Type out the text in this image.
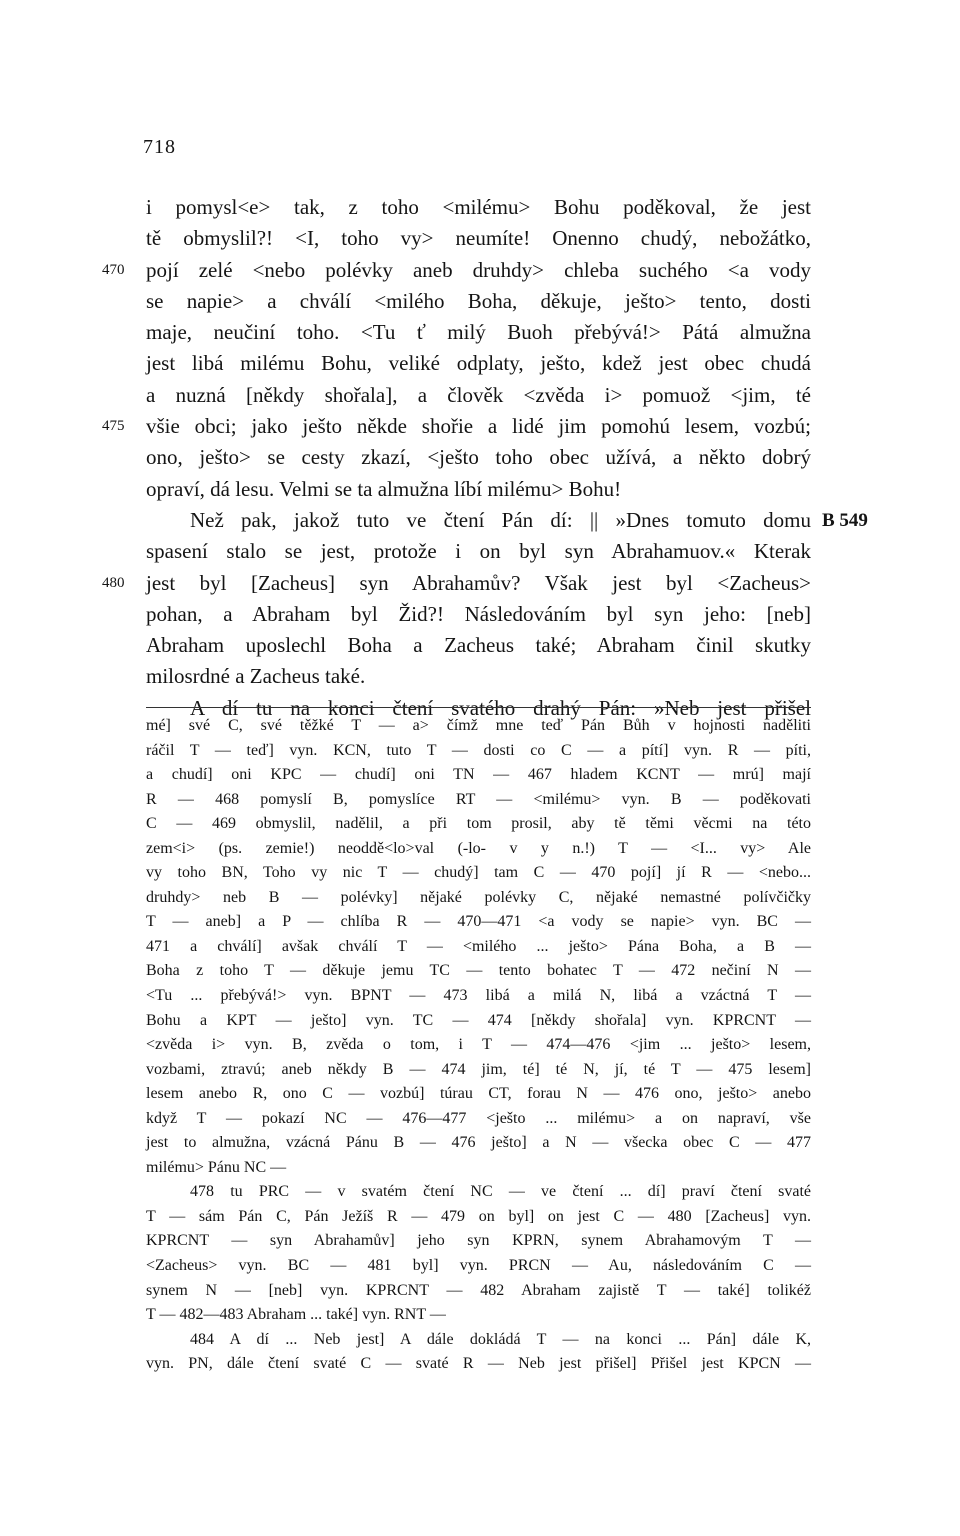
718
i pomysl<e> tak, z toho <milému> Bohu poděkoval, že jest
tě obmyslil?! <I, toho vy> neumíte! Onenno chudý, nebožátko,
pojí zelé <nebo polévky aneb druhdy> chleba suchého <a vody
470
se napie> a chválí <milého Boha, děkuje, ješto> tento, dosti
maje, neučiní toho. <Tu ť milý Buoh přebývá!> Pátá almužna
jest libá milému Bohu, veliké odplaty, ješto, kdež jest obec chudá
a nuzná [někdy shořala], a člověk <zvěda i> pomuož <jim, té
všie obci; jako ješto někde shořie a lidé jim pomohú lesem, vozbú;
475
ono, ješto> se cesty zkazí, <ješto toho obec užívá, a někto dobrý
opraví, dá lesu. Velmi se ta almužna líbí milému> Bohu!
Než pak, jakož tuto ve čtení Pán dí: || »Dnes tomuto domu B 549
spasení stalo se jest, protože i on byl syn Abrahamuov.« Kterak
jest byl [Zacheus] syn Abrahamův? Však jest byl <Zacheus>
480
pohan, a Abraham byl Žid?! Následováním byl syn jeho: [neb]
Abraham uposlechl Boha a Zacheus také; Abraham činil skutky
milosrdné a Zacheus také.
A dí tu na konci čtení svatého drahý Pán: »Neb jest přišel
mé] své C, své těžké T — a> čímž mne teď Pán Bůh v hojnosti naděliti
ráčil T — teď] vyn. KCN, tuto T — dosti co C — a pítí] vyn. R — píti,
a chudí] oni KPC — chudí] oni TN — 467 hladem KCNT — mrú] mají
R — 468 pomyslí B, pomyslíce RT — <milému> vyn. B — poděkovati
C — 469 obmyslil, nadělil, a při tom prosil, aby tě těmi věcmi na této
zem<i> (ps. zemie!) neoddě<lo>val (-lo- v y n.!) T — <I... vy> Ale
vy toho BN, Toho vy nic T — chudý] tam C — 470 pojí] jí R — <nebo...
druhdy> neb B — polévky] nějaké polévky C, nějaké nemastné polívčičky
T — aneb] a P — chlíba R — 470—471 <a vody se napie> vyn. BC —
471 a chválí] avšak chválí T — <milého ... ješto> Pána Boha, a B —
Boha z toho T — děkuje jemu TC — tento bohatec T — 472 nečiní N —
<Tu ... přebývá!> vyn. BPNT — 473 libá a milá N, libá a vzáctná T —
Bohu a KPT — ješto] vyn. TC — 474 [někdy shořala] vyn. KPRCNT —
<zvěda i> vyn. B, zvěda o tom, i T — 474—476 <jim ... ješto> lesem,
vozbami, ztravú; aneb někdy B — 474 jim, té] té N, jí, té T — 475 lesem]
lesem anebo R, ono C — vozbú] túrau CT, forau N — 476 ono, ješto> anebo
když T — pokazí NC — 476—477 <ješto ... milému> a on napraví, vše
jest to almužna, vzácná Pánu B — 476 ješto] a N — všecka obec C — 477
milému> Pánu NC —
478 tu PRC — v svatém čtení NC — ve čtení ... dí] praví čtení svaté
T — sám Pán C, Pán Ježíš R — 479 on byl] on jest C — 480 [Zacheus] vyn.
KPRCNT — syn Abrahamův] jeho syn KPRN, synem Abrahamovým T —
<Zacheus> vyn. BC — 481 byl] vyn. PRCN — Au, následováním C —
synem N — [neb] vyn. KPRCNT — 482 Abraham zajistě T — také] tolikéž
T — 482—483 Abraham ... také] vyn. RNT —
484 A dí ... Neb jest] A dále dokládá T — na konci ... Pán] dále K,
vyn. PN, dále čtení svaté C — svaté R — Neb jest přišel] Přišel jest KPCN —
